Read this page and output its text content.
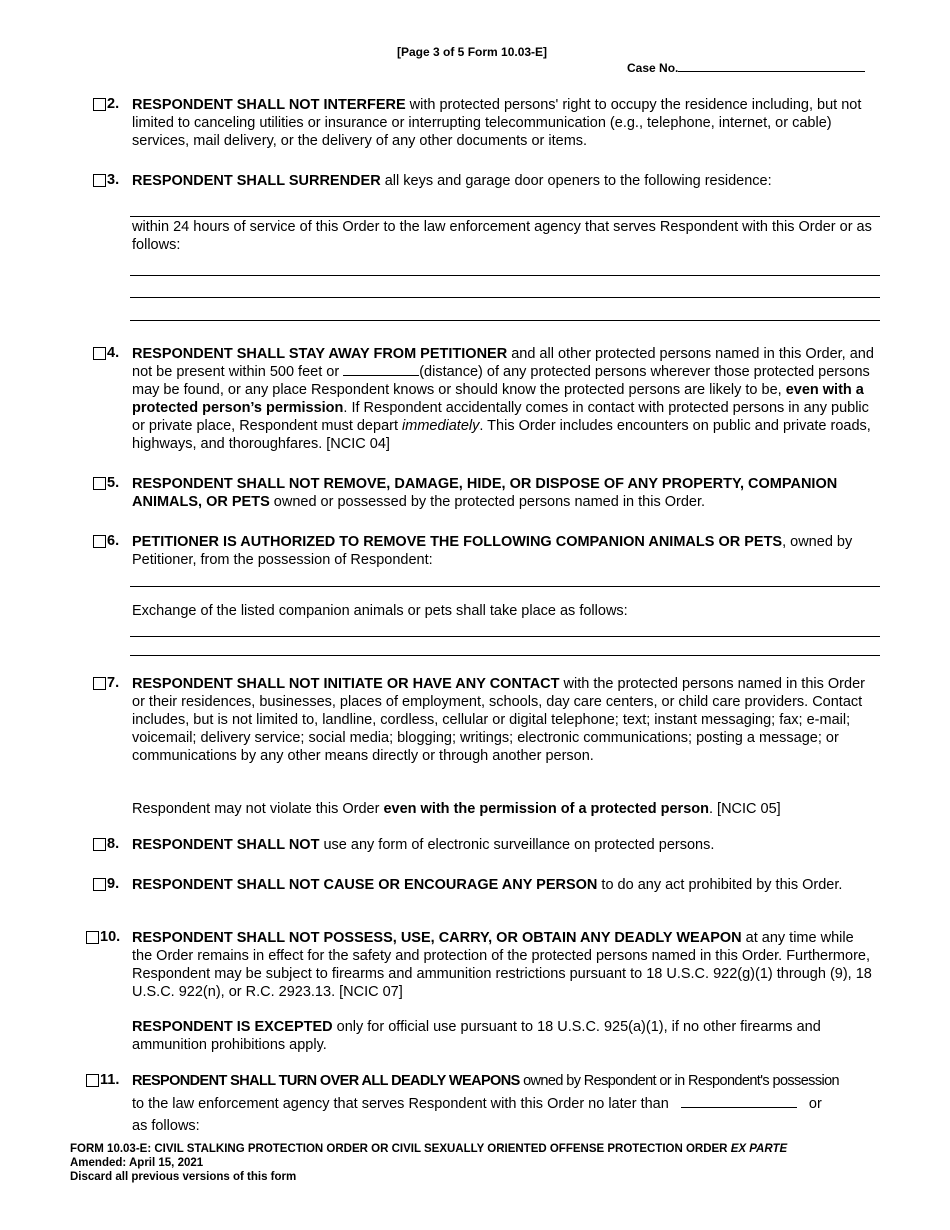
[Page 3 of 5 Form 10.03-E]
Case No.
2. RESPONDENT SHALL NOT INTERFERE with protected persons' right to occupy the residence including, but not limited to canceling utilities or insurance or interrupting telecommunication (e.g., telephone, internet, or cable) services, mail delivery, or the delivery of any other documents or items.
3. RESPONDENT SHALL SURRENDER all keys and garage door openers to the following residence:
within 24 hours of service of this Order to the law enforcement agency that serves Respondent with this Order or as follows:
4. RESPONDENT SHALL STAY AWAY FROM PETITIONER and all other protected persons named in this Order, and not be present within 500 feet or	(distance) of any protected persons wherever those protected persons may be found, or any place Respondent knows or should know the protected persons are likely to be, even with a protected person’s permission. If Respondent accidentally comes in contact with protected persons in any public or private place, Respondent must depart immediately. This Order includes encounters on public and private roads, highways, and thoroughfares. [NCIC 04]
5. RESPONDENT SHALL NOT REMOVE, DAMAGE, HIDE, OR DISPOSE OF ANY PROPERTY, COMPANION ANIMALS, OR PETS owned or possessed by the protected persons named in this Order.
6. PETITIONER IS AUTHORIZED TO REMOVE THE FOLLOWING COMPANION ANIMALS OR PETS, owned by Petitioner, from the possession of Respondent:
Exchange of the listed companion animals or pets shall take place as follows:
7. RESPONDENT SHALL NOT INITIATE OR HAVE ANY CONTACT with the protected persons named in this Order or their residences, businesses, places of employment, schools, day care centers, or child care providers. Contact includes, but is not limited to, landline, cordless, cellular or digital telephone; text; instant messaging; fax; e-mail; voicemail; delivery service; social media; blogging; writings; electronic communications; posting a message; or communications by any other means directly or through another person.
Respondent may not violate this Order even with the permission of a protected person. [NCIC 05]
8. RESPONDENT SHALL NOT use any form of electronic surveillance on protected persons.
9. RESPONDENT SHALL NOT CAUSE OR ENCOURAGE ANY PERSON to do any act prohibited by this Order.
10. RESPONDENT SHALL NOT POSSESS, USE, CARRY, OR OBTAIN ANY DEADLY WEAPON at any time while the Order remains in effect for the safety and protection of the protected persons named in this Order. Furthermore, Respondent may be subject to firearms and ammunition restrictions pursuant to 18 U.S.C. 922(g)(1) through (9), 18 U.S.C. 922(n), or R.C. 2923.13. [NCIC 07]
RESPONDENT IS EXCEPTED only for official use pursuant to 18 U.S.C. 925(a)(1), if no other firearms and ammunition prohibitions apply.
11. RESPONDENT SHALL TURN OVER ALL DEADLY WEAPONS owned by Respondent or in Respondent's possession
to the law enforcement agency that serves Respondent with this Order no later than	or
as follows:
FORM 10.03-E: CIVIL STALKING PROTECTION ORDER OR CIVIL SEXUALLY ORIENTED OFFENSE PROTECTION ORDER EX PARTE
Amended: April 15, 2021
Discard all previous versions of this form
